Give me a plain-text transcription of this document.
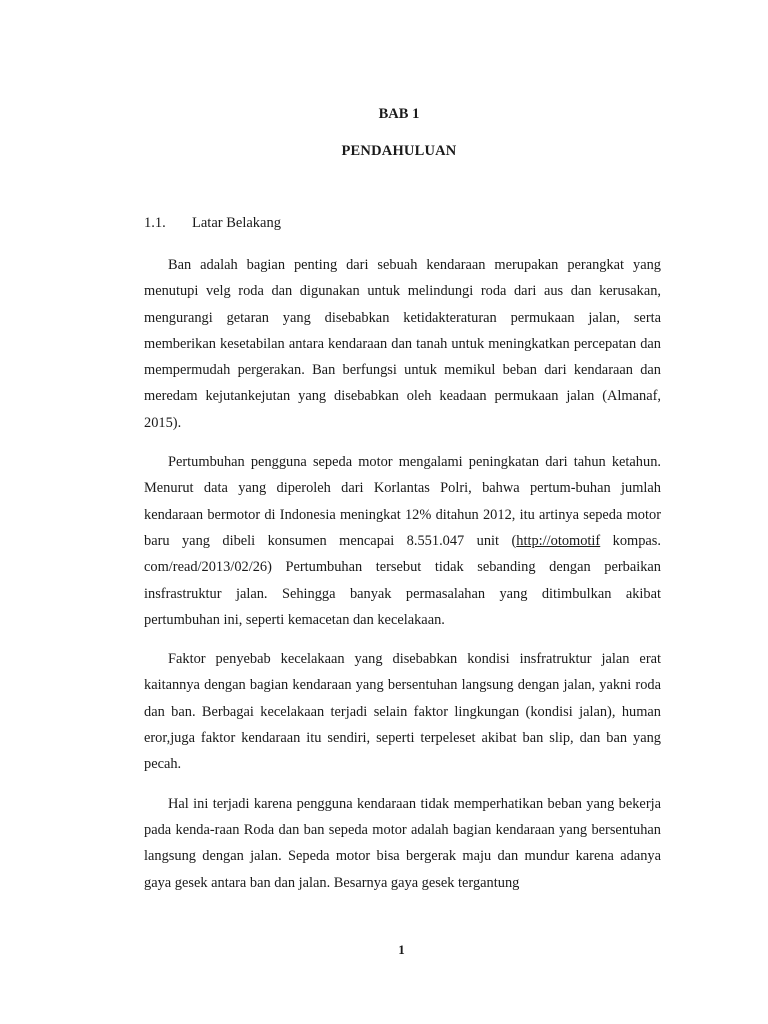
BAB 1
PENDAHULUAN
1.1. Latar Belakang

Ban adalah bagian penting dari sebuah kendaraan merupakan perangkat yang menutupi velg roda dan digunakan untuk melindungi roda dari aus dan kerusakan, mengurangi getaran yang disebabkan ketidakteraturan permukaan jalan, serta memberikan kesetabilan antara kendaraan dan tanah untuk meningkatkan percepatan dan mempermudah pergerakan. Ban berfungsi untuk memikul beban dari kendaraan dan meredam kejutankejutan yang disebabkan oleh keadaan permukaan jalan (Almanaf, 2015).

Pertumbuhan pengguna sepeda motor mengalami peningkatan dari tahun ketahun. Menurut data yang diperoleh dari Korlantas Polri, bahwa pertum-buhan jumlah kendaraan bermotor di Indonesia meningkat 12% ditahun 2012, itu artinya sepeda motor baru yang dibeli konsumen mencapai 8.551.047 unit (http://otomotif kompas. com/read/2013/02/26) Pertumbuhan tersebut tidak sebanding dengan perbaikan insfrastruktur jalan. Sehingga banyak permasalahan yang ditimbulkan akibat pertumbuhan ini, seperti kemacetan dan kecelakaan.

Faktor penyebab kecelakaan yang disebabkan kondisi insfratruktur jalan erat kaitannya dengan bagian kendaraan yang bersentuhan langsung dengan jalan, yakni roda dan ban. Berbagai kecelakaan terjadi selain faktor lingkungan (kondisi jalan), human eror,juga faktor kendaraan itu sendiri, seperti terpeleset akibat ban slip, dan ban yang pecah.

Hal ini terjadi karena pengguna kendaraan tidak memperhatikan beban yang bekerja pada kenda-raan Roda dan ban sepeda motor adalah bagian kendaraan yang bersentuhan langsung dengan jalan. Sepeda motor bisa bergerak maju dan mundur karena adanya gaya gesek antara ban dan jalan. Besarnya gaya gesek tergantung

1
